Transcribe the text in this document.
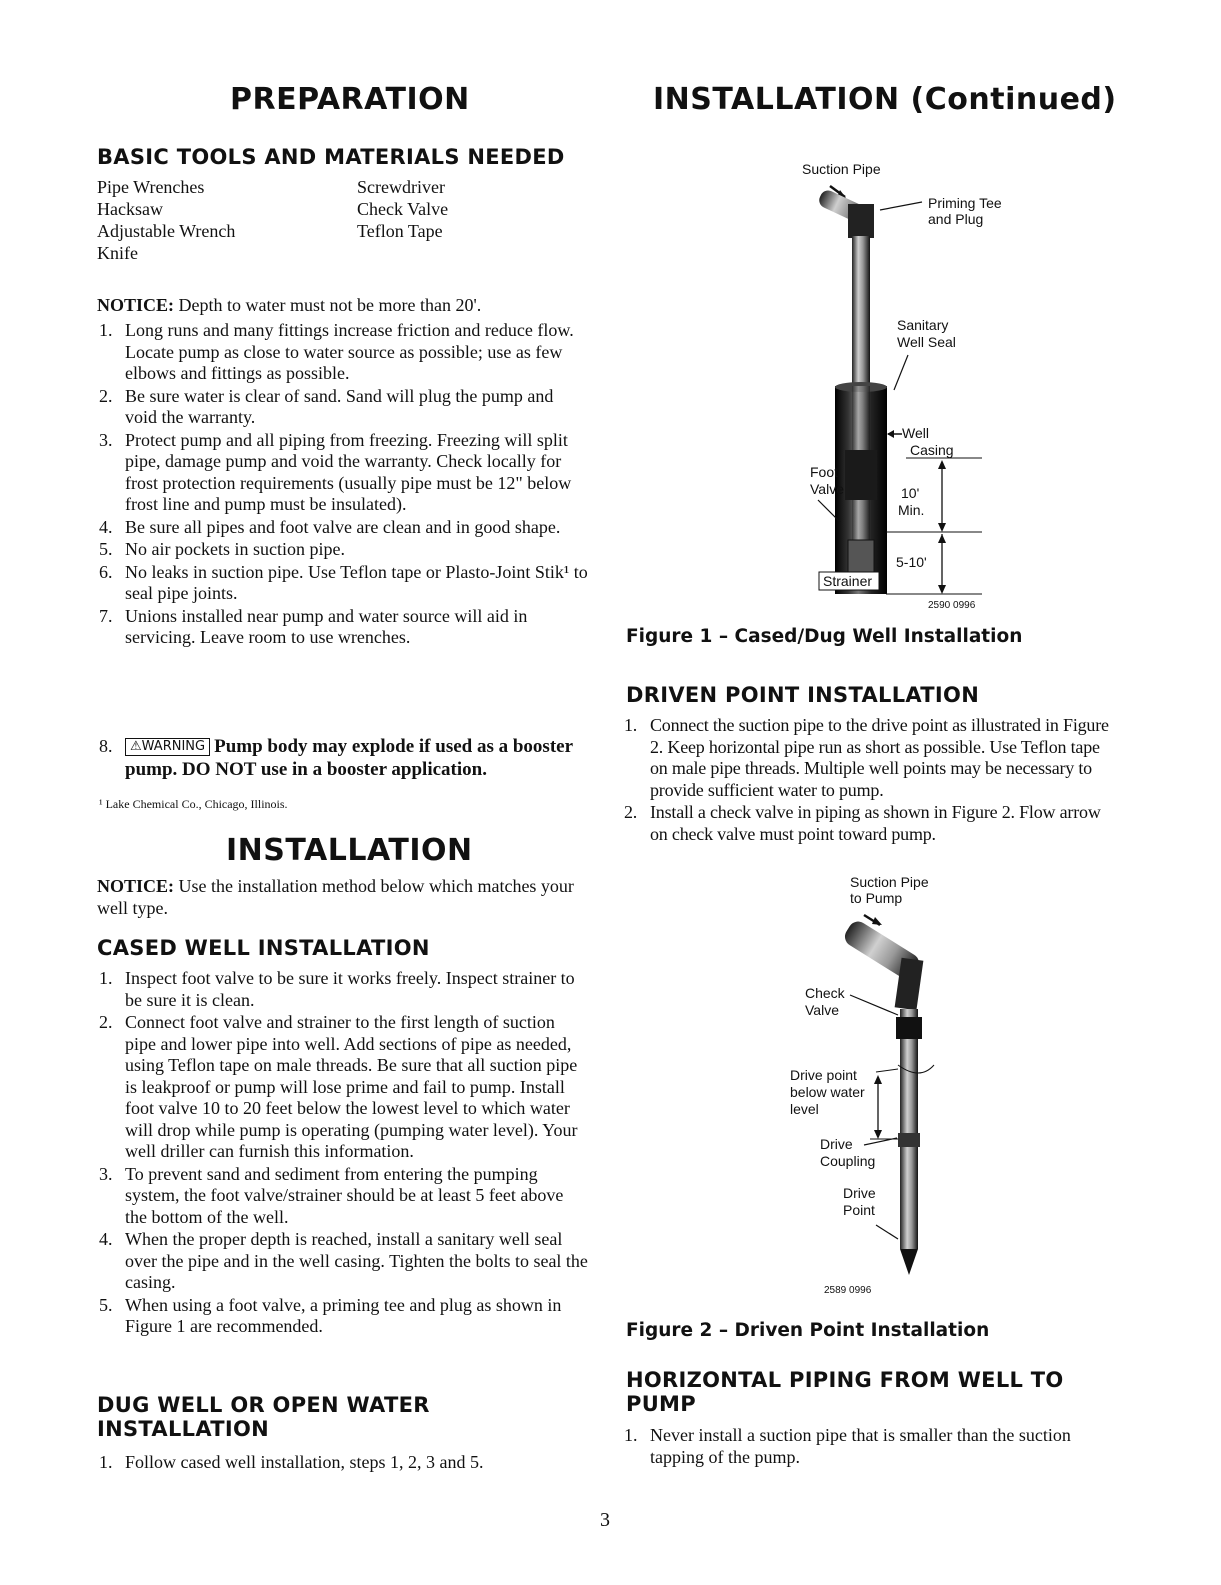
PREPARATION
BASIC TOOLS AND MATERIALS NEEDED
Pipe Wrenches
Hacksaw
Adjustable Wrench
Knife
Screwdriver
Check Valve
Teflon Tape
NOTICE: Depth to water must not be more than 20'.
1. Long runs and many fittings increase friction and reduce flow. Locate pump as close to water source as possible; use as few elbows and fittings as possible.
2. Be sure water is clear of sand. Sand will plug the pump and void the warranty.
3. Protect pump and all piping from freezing. Freezing will split pipe, damage pump and void the warranty. Check locally for frost protection requirements (usually pipe must be 12" below frost line and pump must be insulated).
4. Be sure all pipes and foot valve are clean and in good shape.
5. No air pockets in suction pipe.
6. No leaks in suction pipe. Use Teflon tape or Plasto-Joint Stik¹ to seal pipe joints.
7. Unions installed near pump and water source will aid in servicing. Leave room to use wrenches.
8. ⚠WARNING Pump body may explode if used as a booster pump. DO NOT use in a booster application.
¹ Lake Chemical Co., Chicago, Illinois.
INSTALLATION
NOTICE: Use the installation method below which matches your well type.
CASED WELL INSTALLATION
1. Inspect foot valve to be sure it works freely. Inspect strainer to be sure it is clean.
2. Connect foot valve and strainer to the first length of suction pipe and lower pipe into well. Add sections of pipe as needed, using Teflon tape on male threads. Be sure that all suction pipe is leakproof or pump will lose prime and fail to pump. Install foot valve 10 to 20 feet below the lowest level to which water will drop while pump is operating (pumping water level). Your well driller can furnish this information.
3. To prevent sand and sediment from entering the pumping system, the foot valve/strainer should be at least 5 feet above the bottom of the well.
4. When the proper depth is reached, install a sanitary well seal over the pipe and in the well casing. Tighten the bolts to seal the casing.
5. When using a foot valve, a priming tee and plug as shown in Figure 1 are recommended.
DUG WELL OR OPEN WATER
INSTALLATION
1. Follow cased well installation, steps 1, 2, 3 and 5.
INSTALLATION (Continued)
Suction Pipe
Priming Tee
and Plug
Sanitary
Well Seal
Well
Casing
Foot
Valve	10'
Min.
5-10'
Strainer
2590 0996
Figure 1 – Cased/Dug Well Installation
DRIVEN POINT INSTALLATION
1. Connect the suction pipe to the drive point as illustrated in Figure 2. Keep horizontal pipe run as short as possible. Use Teflon tape on male pipe threads. Multiple well points may be necessary to provide sufficient water to pump.
2. Install a check valve in piping as shown in Figure 2. Flow arrow on check valve must point toward pump.
Suction Pipe
to Pump
Check
Valve
Drive point
below water
level
Drive
Coupling
Drive
Point
2589 0996
Figure 2 – Driven Point Installation
HORIZONTAL PIPING FROM WELL TO
PUMP
1. Never install a suction pipe that is smaller than the suction tapping of the pump.
3
